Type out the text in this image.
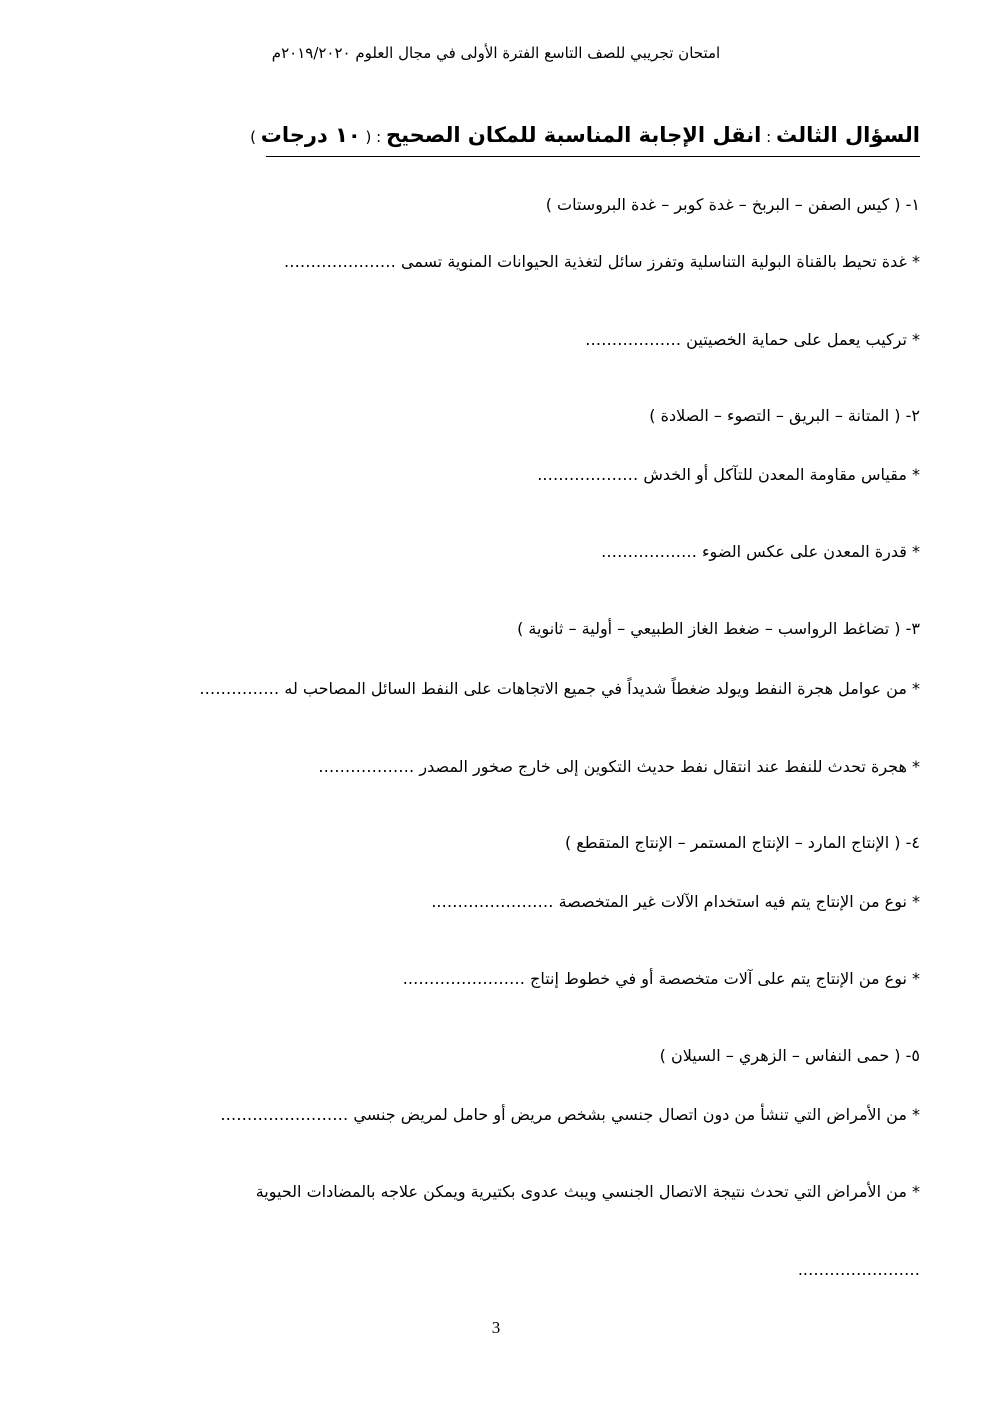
امتحان تجريبي للصف التاسع الفترة الأولى في مجال العلوم ٢٠١٩/٢٠٢٠م
السؤال الثالث : انقل الإجابة المناسبة للمكان الصحيح : ( ١٠ درجات )
١- ( كيس الصفن – البربخ – غدة كوبر – غدة البروستات )
* غدة تحيط بالقناة البولية التناسلية وتفرز سائل لتغذية الحيوانات المنوية تسمى …………………
* تركيب يعمل على حماية الخصيتين ………………
٢- ( المتانة – البريق – التصوء – الصلادة )
* مقياس مقاومة المعدن للتآكل أو الخدش ……………….
* قدرة المعدن على عكس الضوء ………………
٣- ( تضاغط الرواسب – ضغط الغاز الطبيعي – أولية – ثانوية )
* من عوامل هجرة النفط ويولد ضغطاً شديداً في جميع الاتجاهات على النفط السائل المصاحب له ……………
* هجرة تحدث للنفط عند انتقال نفط حديث التكوين إلى خارج صخور المصدر ………………
٤- ( الإنتاج المارد – الإنتاج المستمر – الإنتاج المتقطع )
* نوع من الإنتاج يتم فيه استخدام الآلات غير المتخصصة …………………..
* نوع من الإنتاج يتم على آلات متخصصة أو في خطوط إنتاج …………………..
٥- ( حمى النفاس – الزهري – السيلان )
* من الأمراض التي تنشأ من دون اتصال جنسي بشخص مريض أو حامل لمريض جنسي ……………………
* من الأمراض التي تحدث نتيجة الاتصال الجنسي ويبث عدوى بكتيرية ويمكن علاجه بالمضادات الحيوية
…………………..
3
